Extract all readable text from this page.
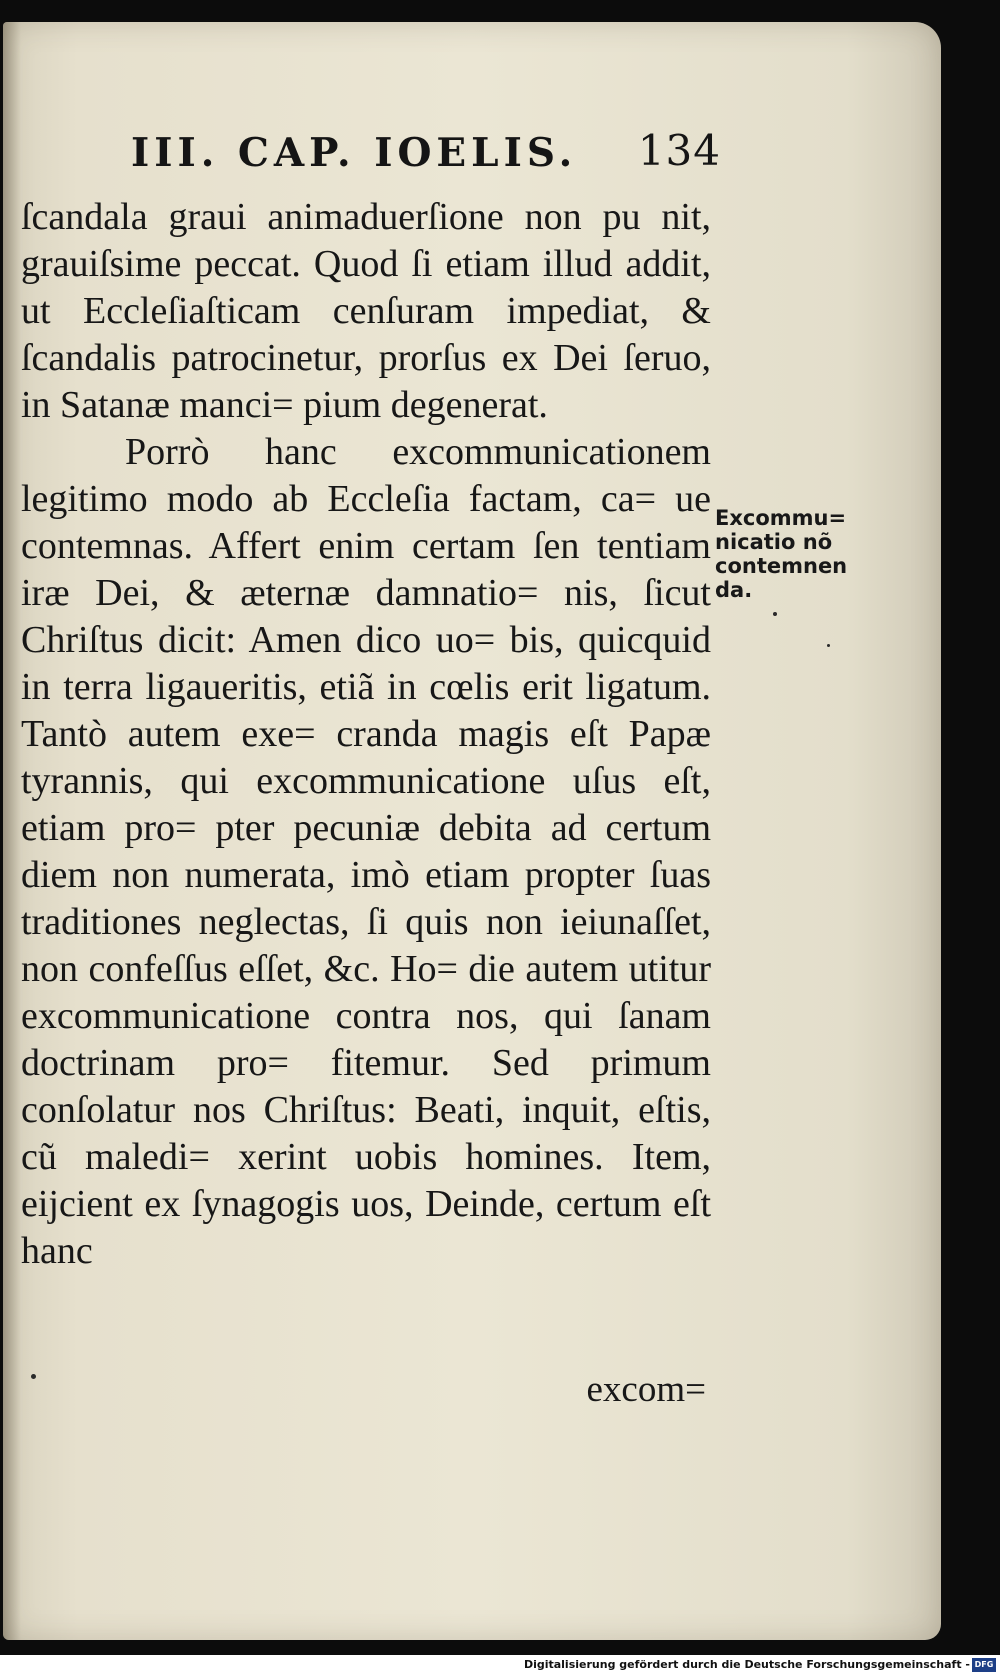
III. CAP. IOELIS. 134

ſcandala graui animaduerſione non pu nit, grauiſsime peccat. Quod ſi etiam illud addit, ut Eccleſiaſticam cenſuram impediat, & ſcandalis patrocinetur, prorſus ex Dei ſeruo, in Satanæ manci= pium degenerat.

Porrò hanc excommunicationem legitimo modo ab Eccleſia factam, ca= ue contemnas. Affert enim certam ſen tentiam iræ Dei, & æternæ damnatio= nis, ſicut Chriſtus dicit: Amen dico uo= bis, quicquid in terra ligaueritis, etiã in cœlis erit ligatum. Tantò autem exe= cranda magis eſt Papæ tyrannis, qui excommunicatione uſus eſt, etiam pro= pter pecuniæ debita ad certum diem non numerata, imò etiam propter ſuas traditiones neglectas, ſi quis non ieiunaſſet, non confeſſus eſſet, &c. Ho= die autem utitur excommunicatione contra nos, qui ſanam doctrinam pro= fitemur. Sed primum conſolatur nos Chriſtus: Beati, inquit, eſtis, cũ maledi= xerint uobis homines. Item, eijcient ex ſynagogis uos, Deinde, certum eſt hanc

Excommu= nicatio nõ contemnen da.

excom=

Digitalisierung gefördert durch die Deutsche Forschungsgemeinschaft - DFG
